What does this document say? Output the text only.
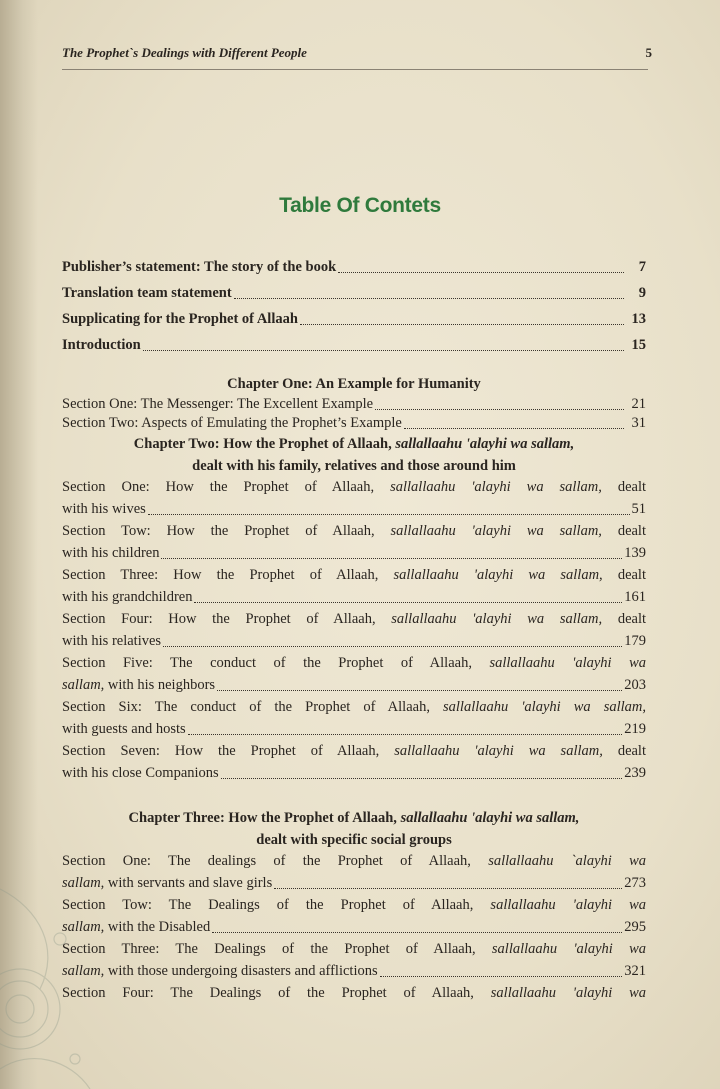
The Prophet`s Dealings with Different People	5
Table Of Contets
Publisher’s statement: The story of the book	7
Translation team statement	9
Supplicating for the Prophet of Allaah	13
Introduction	15
Chapter One: An Example for Humanity
Section One: The Messenger: The Excellent Example	21
Section Two: Aspects of Emulating the Prophet’s Example	31
Chapter Two: How the Prophet of Allaah, sallallaahu 'alayhi wa sallam,
dealt with his family, relatives and those around him
Section One: How the Prophet of Allaah, sallallaahu 'alayhi wa sallam, dealt
with his wives	51
Section Tow: How the Prophet of Allaah, sallallaahu 'alayhi wa sallam, dealt
with his children	139
Section Three: How the Prophet of Allaah, sallallaahu 'alayhi wa sallam, dealt
with his grandchildren	161
Section Four: How the Prophet of Allaah, sallallaahu 'alayhi wa sallam, dealt
with his relatives	179
Section Five: The conduct of the Prophet of Allaah, sallallaahu 'alayhi wa
sallam, with his neighbors	203
Section Six: The conduct of the Prophet of Allaah, sallallaahu 'alayhi wa sallam,
with guests and hosts	219
Section Seven: How the Prophet of Allaah, sallallaahu 'alayhi wa sallam, dealt
with his close Companions	239
Chapter Three: How the Prophet of Allaah, sallallaahu 'alayhi wa sallam,
dealt with specific social groups
Section One: The dealings of the Prophet of Allaah, sallallaahu `alayhi wa
sallam, with servants and slave girls	273
Section Tow: The Dealings of the Prophet of Allaah, sallallaahu 'alayhi wa
sallam, with the Disabled	295
Section Three: The Dealings of the Prophet of Allaah, sallallaahu 'alayhi wa
sallam, with those undergoing disasters and afflictions	321
Section Four: The Dealings of the Prophet of Allaah, sallallaahu 'alayhi wa
